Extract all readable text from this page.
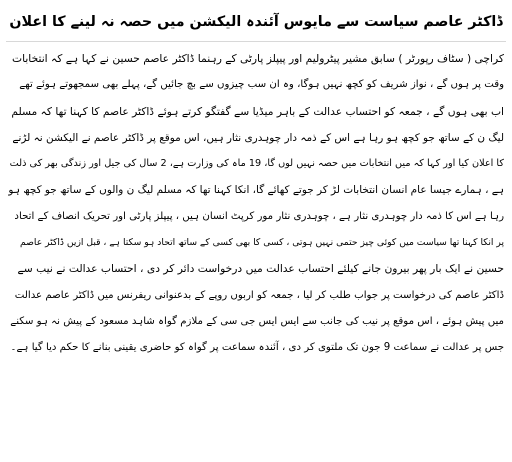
ڈاکٹر عاصم سیاست سے مایوس آئندہ الیکشن میں حصہ نہ لینے کا اعلان
کراچی ( سٹاف رپورٹر ) سابق مشیر پیٹرولیم اور پیپلز پارٹی کے رہنما ڈاکٹر عاصم حسین نے کہا ہے کہ انتخابات
وقت پر ہوں گے ، نواز شریف کو کچھ نہیں ہوگا، وہ ان سب چیزوں سے بچ جائیں گے، پہلے بھی سمجھوتے ہوئے تھے
اب بھی ہوں گے ، جمعہ کو احتساب عدالت کے باہر میڈیا سے گفتگو کرتے ہوئے ڈاکٹر عاصم کا کہنا تھا کہ مسلم
لیگ ن کے ساتھ جو کچھ ہو رہا ہے اس کے ذمہ دار چوہدری نثار ہیں، اس موقع پر ڈاکٹر عاصم نے الیکشن نہ لڑنے
کا اعلان کیا اور کہا کہ میں انتخابات میں حصہ نہیں لوں گا، 19 ماہ کی وزارت ہے، 2 سال کی جیل اور زندگی بھر کی ذلت
ہے ، ہمارے جیسا عام انسان انتخابات لڑ کر جوتے کھائے گا، انکا کہنا تھا کہ مسلم لیگ ن والوں کے ساتھ جو کچھ ہو
رہا ہے اس کا ذمہ دار چوہدری نثار ہے ، چوہدری نثار مور کرپٹ انسان ہیں ، پیپلز پارٹی اور تحریک انصاف کے اتحاد
پر انکا کہنا تھا سیاست میں کوئی چیز حتمی نہیں ہوتی ، کسی کا بھی کسی کے ساتھ اتحاد ہو سکتا ہے ، قبل ازیں ڈاکٹر عاصم
حسین نے ایک بار پھر بیرون جانے کیلئے احتساب عدالت میں درخواست دائر کر دی ، احتساب عدالت نے نیب سے
ڈاکٹر عاصم کی درخواست پر جواب طلب کر لیا ، جمعہ کو اربوں روپے کے بدعنوانی ریفرنس میں ڈاکٹر عاصم عدالت
میں پیش ہوئے ، اس موقع پر نیب کی جانب سے ایس ایس جی سی کے ملازم گواہ شاہد مسعود کے پیش نہ ہو سکنے
جس پر عدالت نے سماعت 9 جون تک ملتوی کر دی ، آئندہ سماعت پر گواہ کو حاضری یقینی بنانے کا حکم دیا گیا ہے۔
